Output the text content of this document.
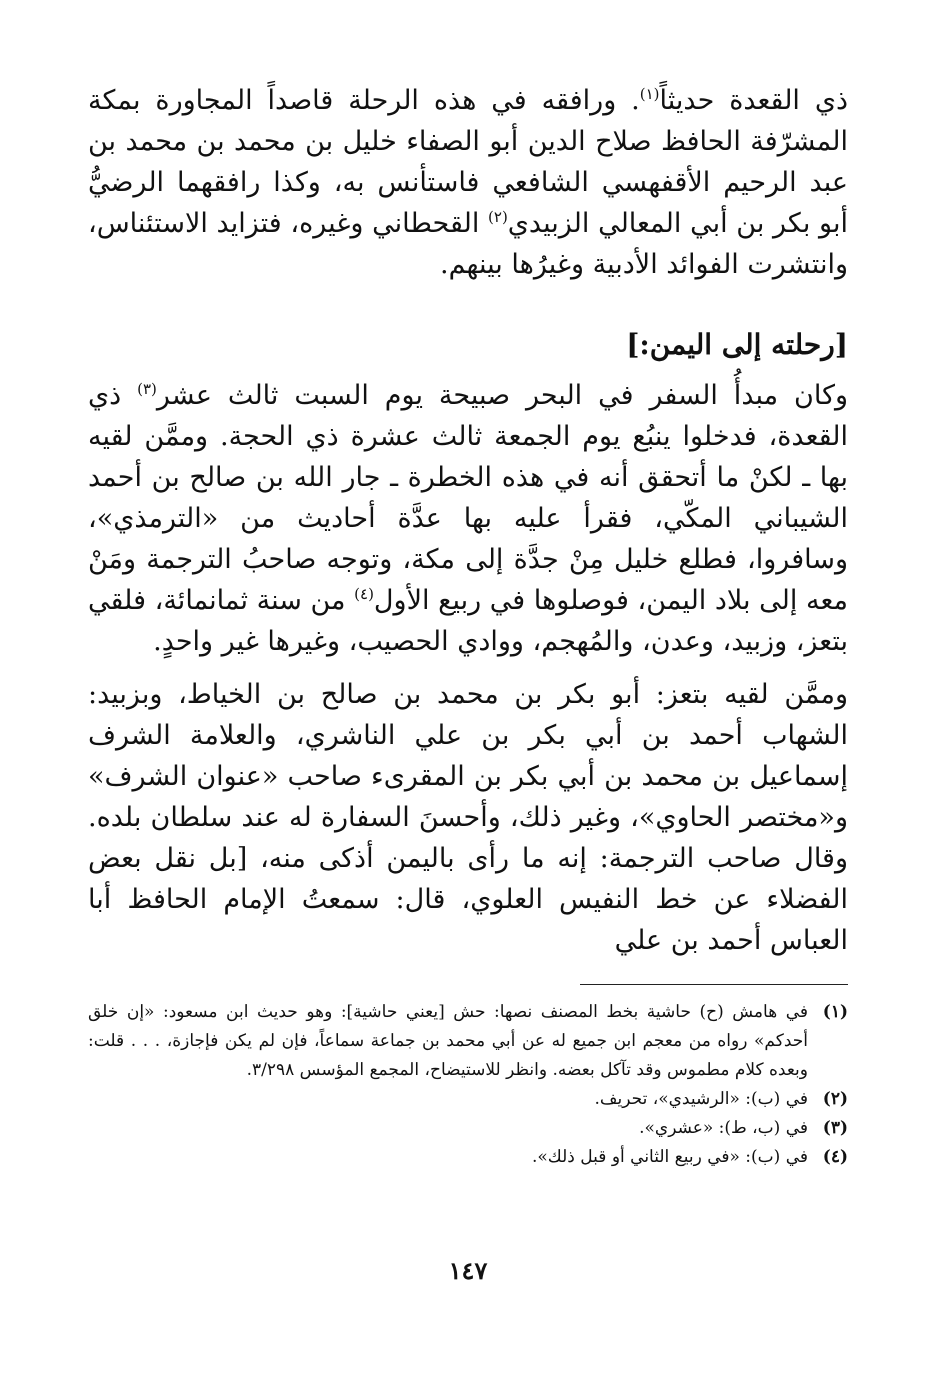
ذي القعدة حديثاً$^{(١)}$. ورافقه في هذه الرحلة قاصداً المجاورة بمكة المشرّفة الحافظ صلاح الدين أبو الصفاء خليل بن محمد بن محمد بن عبد الرحيم الأقفهسي الشافعي فاستأنس به، وكذا رافقهما الرضيُّ أبو بكر بن أبي المعالي الزبيدي$^{(٢)}$ القحطاني وغيره، فتزايد الاستئناس، وانتشرت الفوائد الأدبية وغيرُها بينهم.

[رحلته إلى اليمن:]

وكان مبدأُ السفر في البحر صبيحة يوم السبت ثالث عشر$^{(٣)}$ ذي القعدة، فدخلوا ينبُع يوم الجمعة ثالث عشرة ذي الحجة. وممَّن لقيه بها ـ لكنْ ما أتحقق أنه في هذه الخطرة ـ جار الله بن صالح بن أحمد الشيباني المكّي، فقرأ عليه بها عدَّة أحاديث من «الترمذي»، وسافروا، فطلع خليل مِنْ جدَّة إلى مكة، وتوجه صاحبُ الترجمة ومَنْ معه إلى بلاد اليمن، فوصلوها في ربيع الأول$^{(٤)}$ من سنة ثمانمائة، فلقي بتعز، وزبيد، وعدن، والمُهجم، ووادي الحصيب، وغيرها غير واحدٍ.

وممَّن لقيه بتعز: أبو بكر بن محمد بن صالح بن الخياط، وبزبيد: الشهاب أحمد بن أبي بكر بن علي الناشري، والعلامة الشرف إسماعيل بن محمد بن أبي بكر بن المقرىء صاحب «عنوان الشرف» و«مختصر الحاوي»، وغير ذلك، وأحسنَ السفارة له عند سلطان بلده. وقال صاحب الترجمة: إنه ما رأى باليمن أذكى منه، [بل نقل بعض الفضلاء عن خط النفيس العلوي، قال: سمعتُ الإمام الحافظ أبا العباس أحمد بن علي

(١)
في هامش (ح) حاشية بخط المصنف نصها: حش [يعني حاشية]: وهو حديث ابن مسعود: «إن خلق أحدكم» رواه من معجم ابن جميع له عن أبي محمد بن جماعة سماعاً، فإن لم يكن فإجازة، . . . قلت: وبعده كلام مطموس وقد تآكل بعضه. وانظر للاستيضاح، المجمع المؤسس ٣/٢٩٨.
(٢)
في (ب): «الرشيدي»، تحريف.
(٣)
في (ب، ط): «عشري».
(٤)
في (ب): «في ربيع الثاني أو قبل ذلك».
١٤٧
